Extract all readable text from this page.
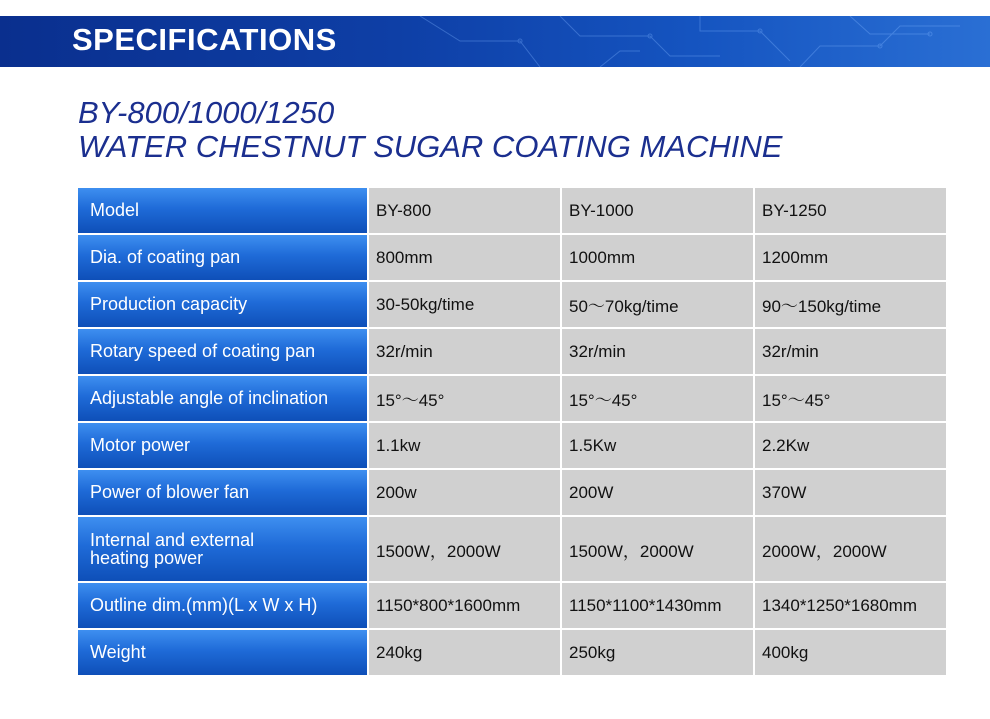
SPECIFICATIONS
BY-800/1000/1250
WATER CHESTNUT SUGAR COATING MACHINE
Model	BY-800	BY-1000	BY-1250
Dia. of coating pan	800mm	1000mm	1200mm
Production capacity	30-50kg/time	50～70kg/time	90～150kg/time
Rotary speed of coating pan	32r/min	32r/min	32r/min
Adjustable angle of inclination	15°～45°	15°～45°	15°～45°
Motor power	1.1kw	1.5Kw	2.2Kw
Power of blower fan	200w	200W	370W
Internal and external
heating power	1500W，2000W	1500W，2000W	2000W，2000W
Outline dim.(mm)(L x W x H)	1150*800*1600mm	1150*1100*1430mm	1340*1250*1680mm
Weight	240kg	250kg	400kg
